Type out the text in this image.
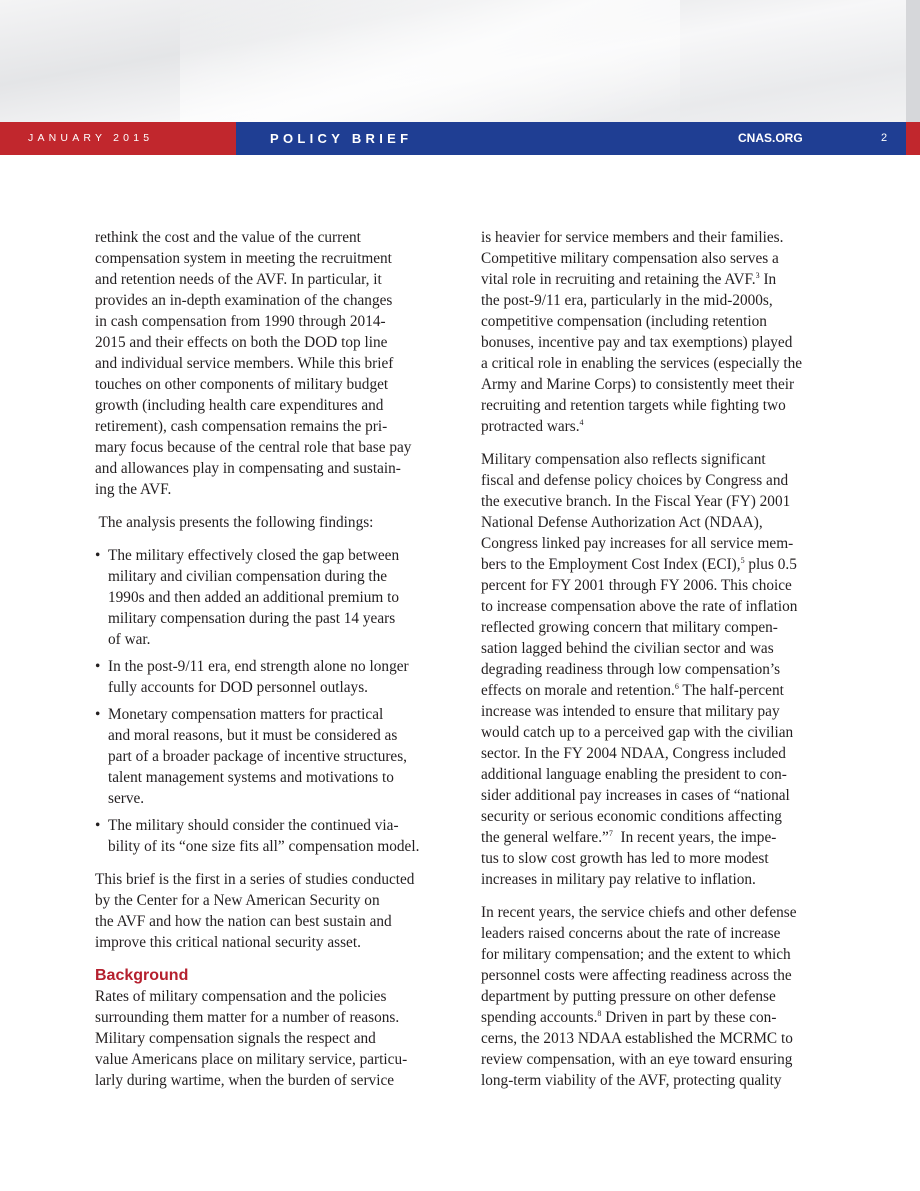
JANUARY 2015	POLICY BRIEF	CNAS.ORG	2

rethink the cost and the value of the current
compensation system in meeting the recruitment
and retention needs of the AVF. In particular, it
provides an in-depth examination of the changes
in cash compensation from 1990 through 2014-
2015 and their effects on both the DOD top line
and individual service members. While this brief
touches on other components of military budget
growth (including health care expenditures and
retirement), cash compensation remains the pri-
mary focus because of the central role that base pay
and allowances play in compensating and sustain-
ing the AVF.

The analysis presents the following findings:

• The military effectively closed the gap between
military and civilian compensation during the
1990s and then added an additional premium to
military compensation during the past 14 years
of war.
• In the post-9/11 era, end strength alone no longer
fully accounts for DOD personnel outlays.
• Monetary compensation matters for practical
and moral reasons, but it must be considered as
part of a broader package of incentive structures,
talent management systems and motivations to
serve.
• The military should consider the continued via-
bility of its “one size fits all” compensation model.

This brief is the first in a series of studies conducted
by the Center for a New American Security on
the AVF and how the nation can best sustain and
improve this critical national security asset.

Background

Rates of military compensation and the policies
surrounding them matter for a number of reasons.
Military compensation signals the respect and
value Americans place on military service, particu-
larly during wartime, when the burden of service

is heavier for service members and their families.
Competitive military compensation also serves a
vital role in recruiting and retaining the AVF.$^3$ In
the post-9/11 era, particularly in the mid-2000s,
competitive compensation (including retention
bonuses, incentive pay and tax exemptions) played
a critical role in enabling the services (especially the
Army and Marine Corps) to consistently meet their
recruiting and retention targets while fighting two
protracted wars.$^4$

Military compensation also reflects significant
fiscal and defense policy choices by Congress and
the executive branch. In the Fiscal Year (FY) 2001
National Defense Authorization Act (NDAA),
Congress linked pay increases for all service mem-
bers to the Employment Cost Index (ECI),$^5$ plus 0.5
percent for FY 2001 through FY 2006. This choice
to increase compensation above the rate of inflation
reflected growing concern that military compen-
sation lagged behind the civilian sector and was
degrading readiness through low compensation’s
effects on morale and retention.$^6$ The half-percent
increase was intended to ensure that military pay
would catch up to a perceived gap with the civilian
sector. In the FY 2004 NDAA, Congress included
additional language enabling the president to con-
sider additional pay increases in cases of “national
security or serious economic conditions affecting
the general welfare.”$^7$  In recent years, the impe-
tus to slow cost growth has led to more modest
increases in military pay relative to inflation.

In recent years, the service chiefs and other defense
leaders raised concerns about the rate of increase
for military compensation; and the extent to which
personnel costs were affecting readiness across the
department by putting pressure on other defense
spending accounts.$^8$ Driven in part by these con-
cerns, the 2013 NDAA established the MCRMC to
review compensation, with an eye toward ensuring
long-term viability of the AVF, protecting quality
